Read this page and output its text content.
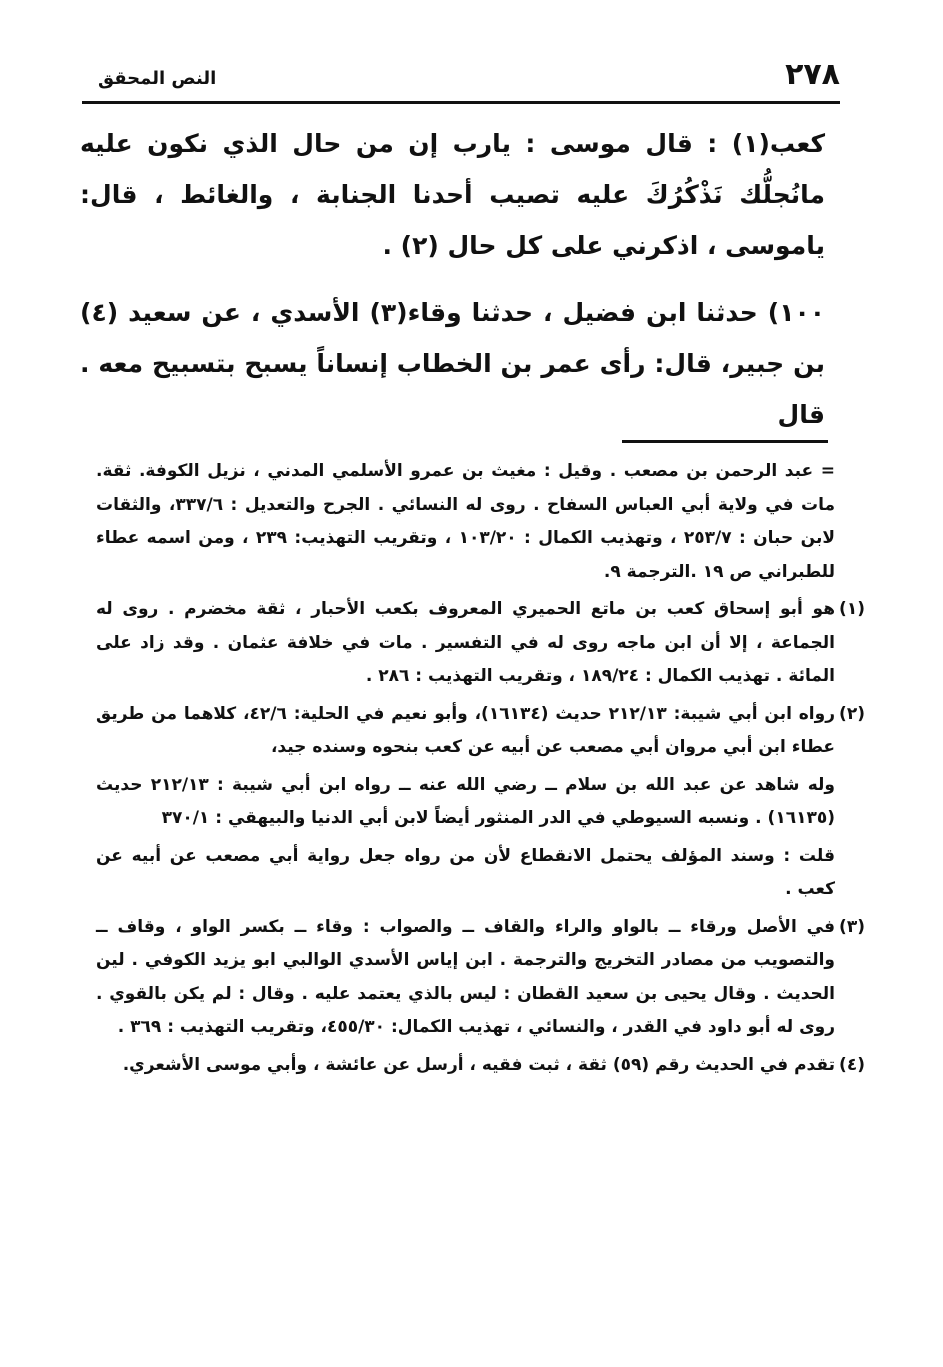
٢٧٨
النص المحقق

كعب(١) : قال موسى : يارب إن من حال الذي نكون عليه مانُجلُّك نَذْكُرُكَ عليه تصيب أحدنا الجنابة ، والغائط ، قال: ياموسى ، اذكرني على كل حال (٢) .

١٠٠) حدثنا ابن فضيل ، حدثنا وقاء(٣) الأسدي ، عن سعيد (٤) بن جبير، قال: رأى عمر بن الخطاب إنساناً يسبح بتسبيح معه . قال

= عبد الرحمن بن مصعب . وقيل : مغيث بن عمرو الأسلمي المدني ، نزيل الكوفة. ثقة. مات في ولاية أبي العباس السفاح . روى له النسائي . الجرح والتعديل : ٣٣٧/٦، والثقات لابن حبان : ٢٥٣/٧ ، وتهذيب الكمال : ١٠٣/٢٠ ، وتقريب التهذيب: ٢٣٩ ، ومن اسمه عطاء للطبراني ص ١٩ .الترجمة ٩.

(١)

هو أبو إسحاق كعب بن ماتع الحميري المعروف بكعب الأحبار ، ثقة مخضرم . روى له الجماعة ، إلا أن ابن ماجه روى له في التفسير . مات في خلافة عثمان . وقد زاد على المائة . تهذيب الكمال : ١٨٩/٢٤ ، وتقريب التهذيب : ٢٨٦ .

(٢)

رواه ابن أبي شيبة: ٢١٢/١٣ حديث (١٦١٣٤)، وأبو نعيم في الحلية: ٤٢/٦، كلاهما من طريق عطاء ابن أبي مروان أبي مصعب عن أبيه عن كعب بنحوه وسنده جيد،

وله شاهد عن عبد الله بن سلام ــ رضي الله عنه ــ رواه ابن أبي شيبة : ٢١٢/١٣ حديث (١٦١٣٥) . ونسبه السيوطي في الدر المنثور أيضاً لابن أبي الدنيا والبيهقي : ٣٧٠/١

قلت : وسند المؤلف يحتمل الانقطاع لأن من رواه جعل رواية أبي مصعب عن أبيه عن كعب .

(٣)

في الأصل ورقاء ــ بالواو والراء والقاف ــ والصواب : وقاء ــ بكسر الواو ، وقاف ــ والتصويب من مصادر التخريج والترجمة . ابن إياس الأسدي الوالبي ابو يزيد الكوفي . لين الحديث . وقال يحيى بن سعيد القطان : ليس بالذي يعتمد عليه . وقال : لم يكن بالقوي . روى له أبو داود في القدر ، والنسائي ، تهذيب الكمال: ٤٥٥/٣٠، وتقريب التهذيب : ٣٦٩ .

(٤)

تقدم في الحديث رقم (٥٩) ثقة ، ثبت فقيه ، أرسل عن عائشة ، وأبي موسى الأشعري.
